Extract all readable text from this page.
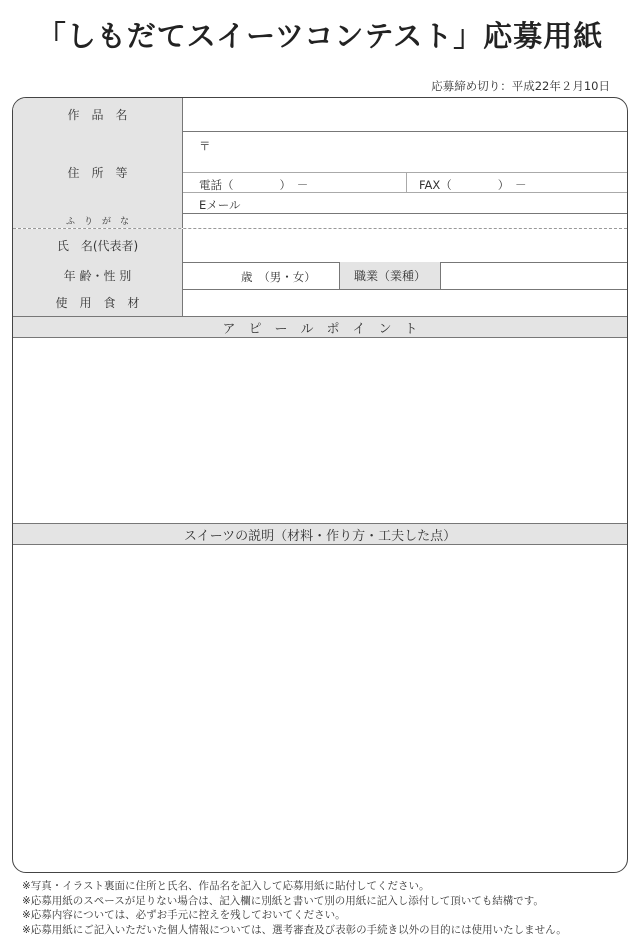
「しもだてスイーツコンテスト」応募用紙
応募締め切り：平成22年２月10日
作　品　名
住　所　等
〒
電話（　　　　）　－	FAX（　　　　）　－
Eメール
ふ　り　が　な
氏　名(代表者)
年 齢・性 別	歳　（男・女）	職業（業種）
使　用　食　材
ア　ピ　ー　ル　ポ　イ　ン　ト
スイーツの説明（材料・作り方・工夫した点）
※写真・イラスト裏面に住所と氏名、作品名を記入して応募用紙に貼付してください。
※応募用紙のスペースが足りない場合は、記入欄に別紙と書いて別の用紙に記入し添付して頂いても結構です。
※応募内容については、必ずお手元に控えを残しておいてください。
※応募用紙にご記入いただいた個人情報については、選考審査及び表彰の手続き以外の目的には使用いたしません。
